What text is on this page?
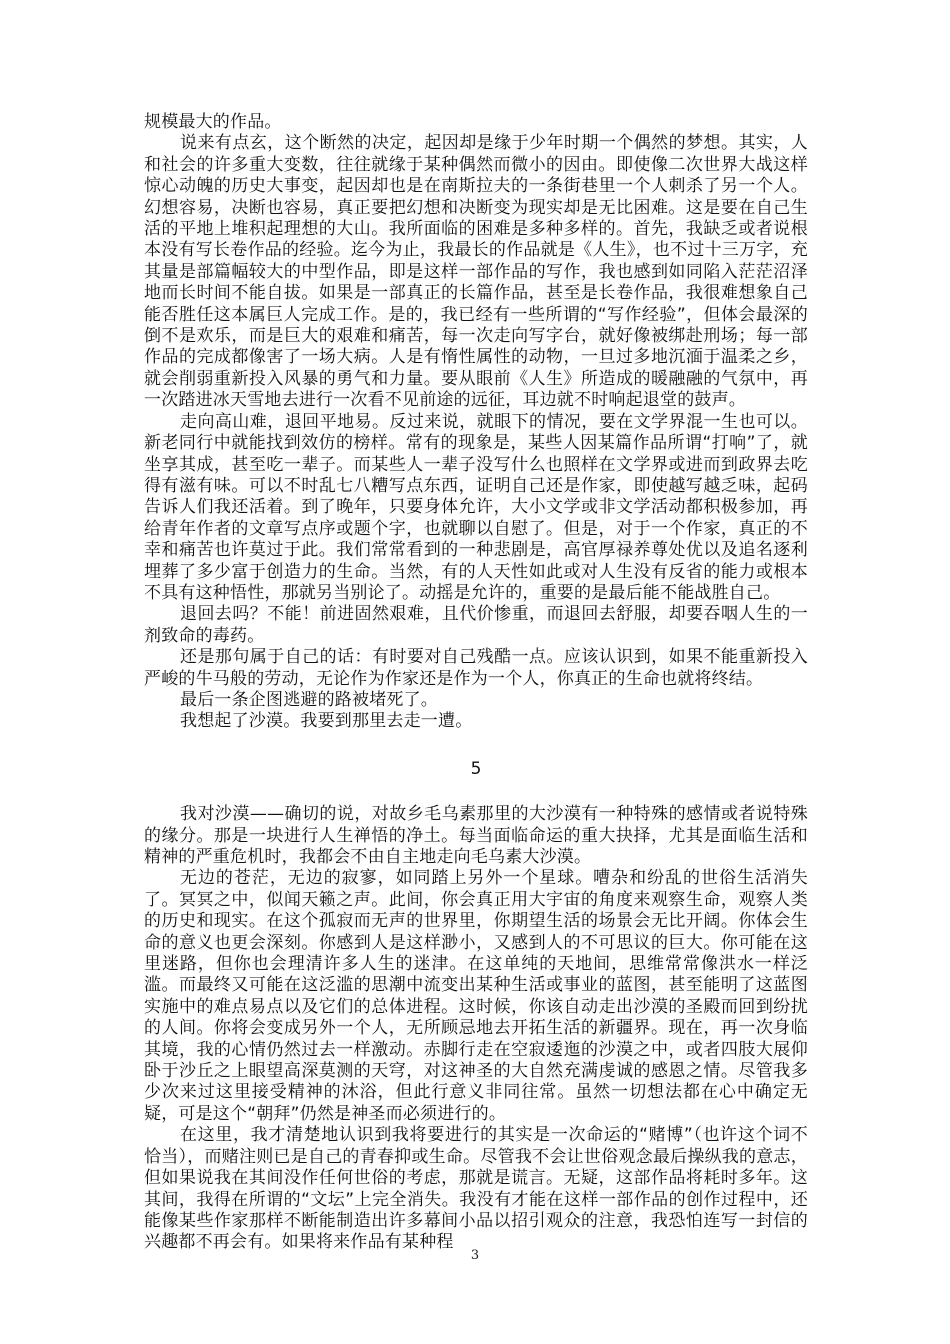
规模最大的作品。

说来有点玄，这个断然的决定，起因却是缘于少年时期一个偶然的梦想。其实，人和社会的许多重大变数，往往就缘于某种偶然而微小的因由。即使像二次世界大战这样惊心动魄的历史大事变，起因却也是在南斯拉夫的一条街巷里一个人刺杀了另一个人。幻想容易，决断也容易，真正要把幻想和决断变为现实却是无比困难。这是要在自己生活的平地上堆积起理想的大山。我所面临的困难是多种多样的。首先，我缺乏或者说根本没有写长卷作品的经验。迄今为止，我最长的作品就是《人生》，也不过十三万字，充其量是部篇幅较大的中型作品，即是这样一部作品的写作，我也感到如同陷入茫茫沼泽地而长时间不能自拔。如果是一部真正的长篇作品，甚至是长卷作品，我很难想象自己能否胜任这本属巨人完成工作。是的，我已经有一些所谓的“写作经验”，但体会最深的倒不是欢乐，而是巨大的艰难和痛苦，每一次走向写字台，就好像被绑赴刑场；每一部作品的完成都像害了一场大病。人是有惰性属性的动物，一旦过多地沉湎于温柔之乡，就会削弱重新投入风暴的勇气和力量。要从眼前《人生》所造成的暖融融的气氛中，再一次踏进冰天雪地去进行一次看不见前途的远征，耳边就不时响起退堂的鼓声。

走向高山难，退回平地易。反过来说，就眼下的情况，要在文学界混一生也可以。新老同行中就能找到效仿的榜样。常有的现象是，某些人因某篇作品所谓“打响”了，就坐享其成，甚至吃一辈子。而某些人一辈子没写什么也照样在文学界或进而到政界去吃得有滋有味。可以不时乱七八糟写点东西，证明自己还是作家，即使越写越乏味，起码告诉人们我还活着。到了晚年，只要身体允许，大小文学或非文学活动都积极参加，再给青年作者的文章写点序或题个字，也就聊以自慰了。但是，对于一个作家，真正的不幸和痛苦也许莫过于此。我们常常看到的一种悲剧是，高官厚禄养尊处优以及追名逐利埋葬了多少富于创造力的生命。当然，有的人天性如此或对人生没有反省的能力或根本不具有这种悟性，那就另当别论了。动摇是允许的，重要的是最后能不能战胜自己。

退回去吗？不能！前进固然艰难，且代价惨重，而退回去舒服，却要吞咽人生的一剂致命的毒药。

还是那句属于自己的话：有时要对自己残酷一点。应该认识到，如果不能重新投入严峻的牛马般的劳动，无论作为作家还是作为一个人，你真正的生命也就将终结。

最后一条企图逃避的路被堵死了。

我想起了沙漠。我要到那里去走一遭。

5

我对沙漠——确切的说，对故乡毛乌素那里的大沙漠有一种特殊的感情或者说特殊的缘分。那是一块进行人生禅悟的净土。每当面临命运的重大抉择，尤其是面临生活和精神的严重危机时，我都会不由自主地走向毛乌素大沙漠。

无边的苍茫，无边的寂寥，如同踏上另外一个星球。嘈杂和纷乱的世俗生活消失了。冥冥之中，似闻天籁之声。此间，你会真正用大宇宙的角度来观察生命，观察人类的历史和现实。在这个孤寂而无声的世界里，你期望生活的场景会无比开阔。你体会生命的意义也更会深刻。你感到人是这样渺小，又感到人的不可思议的巨大。你可能在这里迷路，但你也会理清许多人生的迷津。在这单纯的天地间，思维常常像洪水一样泛滥。而最终又可能在这泛滥的思潮中流变出某种生活或事业的蓝图，甚至能明了这蓝图实施中的难点易点以及它们的总体进程。这时候，你该自动走出沙漠的圣殿而回到纷扰的人间。你将会变成另外一个人，无所顾忌地去开拓生活的新疆界。现在，再一次身临其境，我的心情仍然过去一样激动。赤脚行走在空寂逶迤的沙漠之中，或者四肢大展仰卧于沙丘之上眼望高深莫测的天穹，对这神圣的大自然充满虔诚的感恩之情。尽管我多少次来过这里接受精神的沐浴，但此行意义非同往常。虽然一切想法都在心中确定无疑，可是这个“朝拜”仍然是神圣而必须进行的。

在这里，我才清楚地认识到我将要进行的其实是一次命运的“赌博”（也许这个词不恰当），而赌注则已是自己的青春抑或生命。尽管我不会让世俗观念最后操纵我的意志，但如果说我在其间没作任何世俗的考虑，那就是谎言。无疑，这部作品将耗时多年。这其间，我得在所谓的“文坛”上完全消失。我没有才能在这样一部作品的创作过程中，还能像某些作家那样不断能制造出许多幕间小品以招引观众的注意，我恐怕连写一封信的兴趣都不再会有。如果将来作品有某种程

3
